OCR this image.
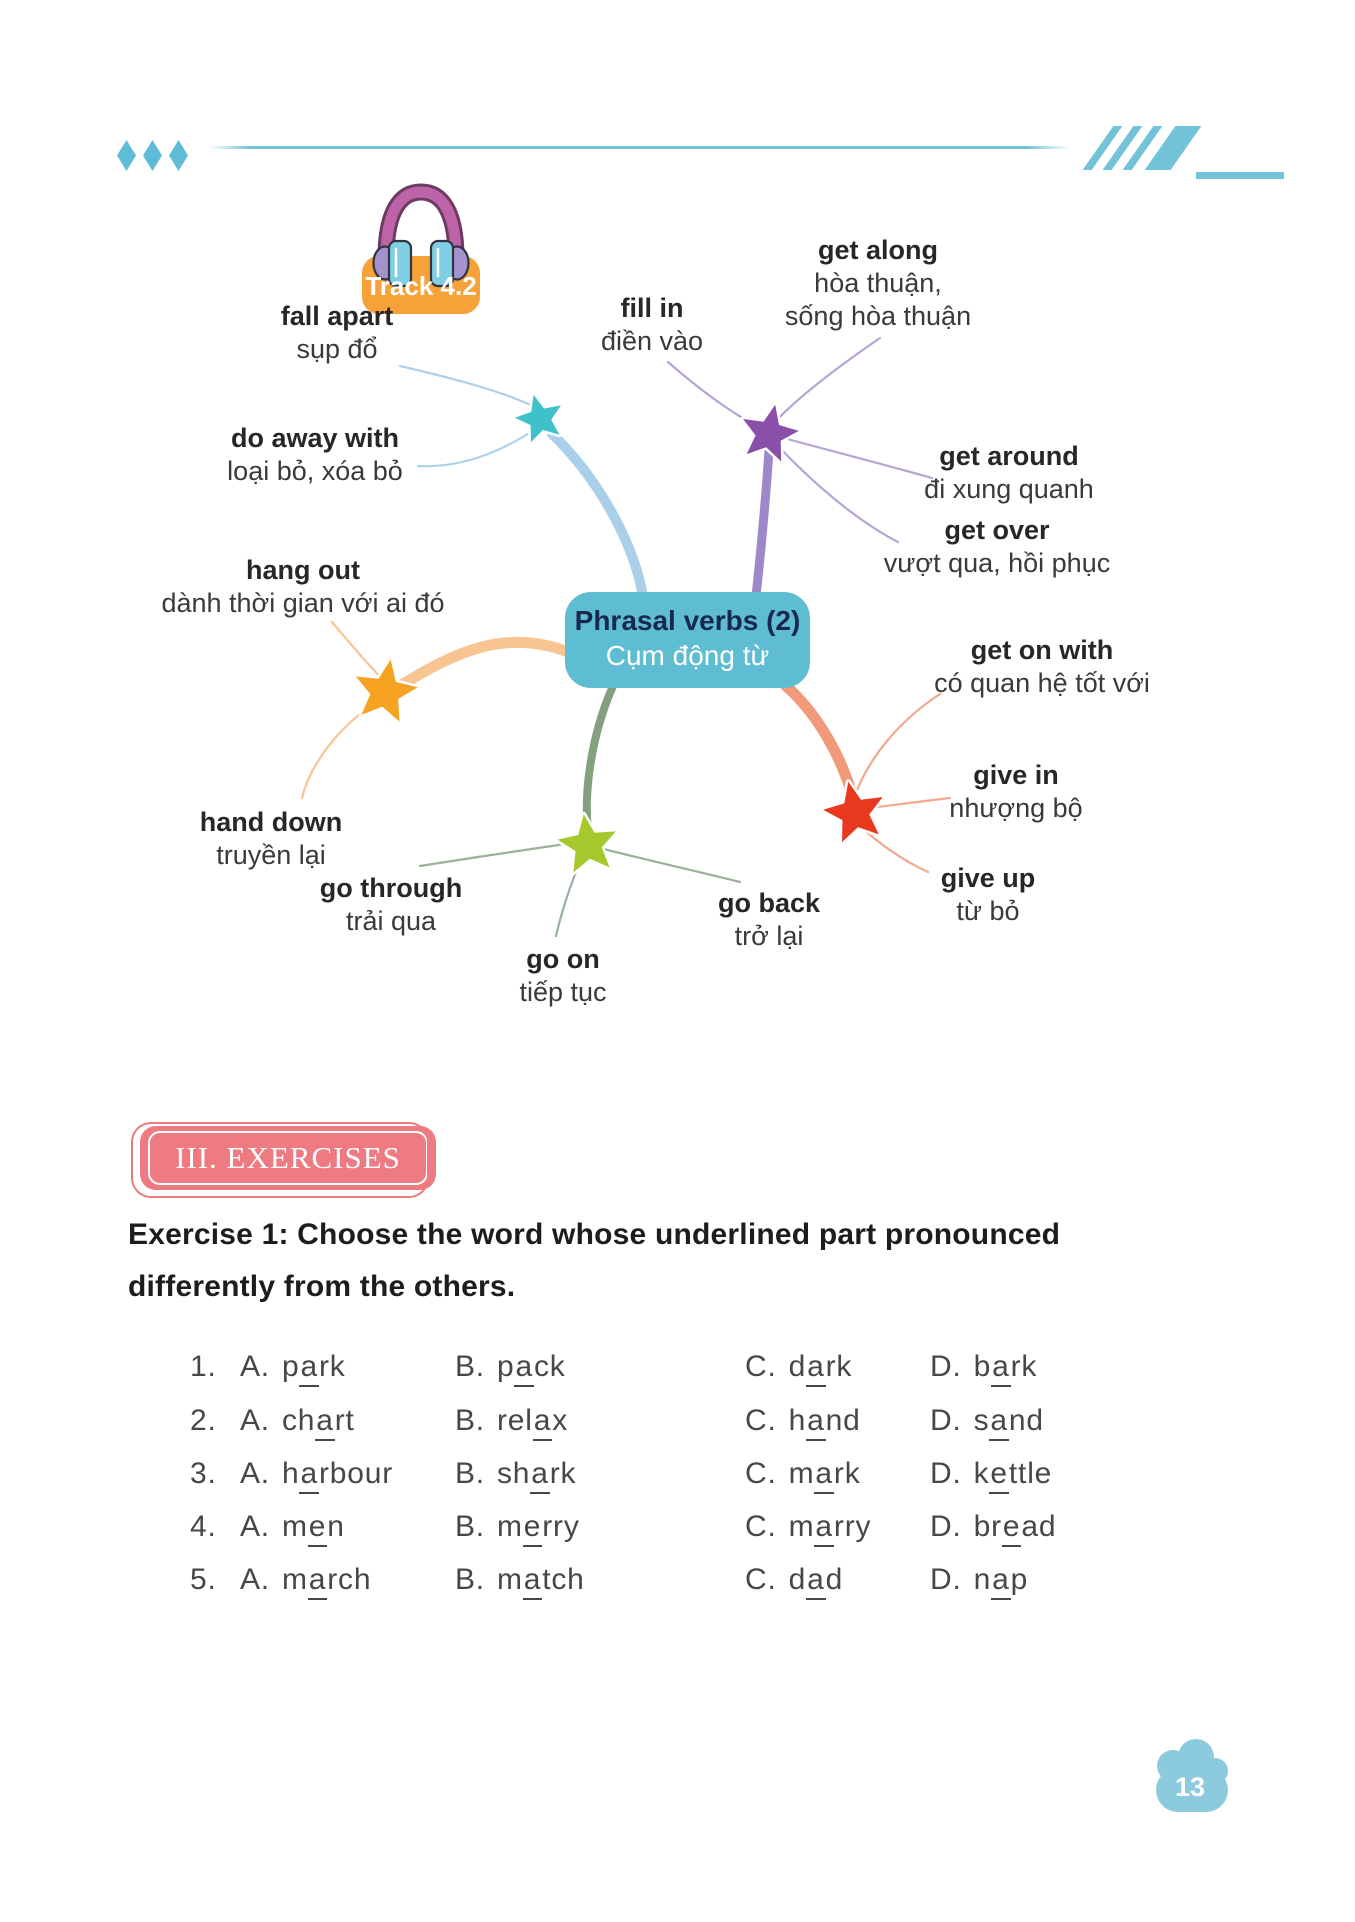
Track 4.2
Phrasal verbs (2)
Cụm động từ
fall apart
sụp đổ
fill in
điền vào
get along
hòa thuận,
sống hòa thuận
do away with
loại bỏ, xóa bỏ	get around
đi xung quanh
get over
vượt qua, hồi phục
hang out
dành thời gian với ai đó
get on with
có quan hệ tốt với
give in
nhượng bộ
hand down
truyền lại
go through
trải qua
go back
trở lại
give up
từ bỏ
go on
tiếp tục
III. EXERCISES
Exercise 1: Choose the word whose underlined part pronounced
differently from the others.
1. A. park	B. pack	C. dark	D. bark
2. A. chart	B. relax	C. hand D. sand
3. A. harbour B. shark	C. mark D. kettle
4. A. men	B. merry	C. marry D. bread
5. A. march	B. match	C. dad	D. nap
13
